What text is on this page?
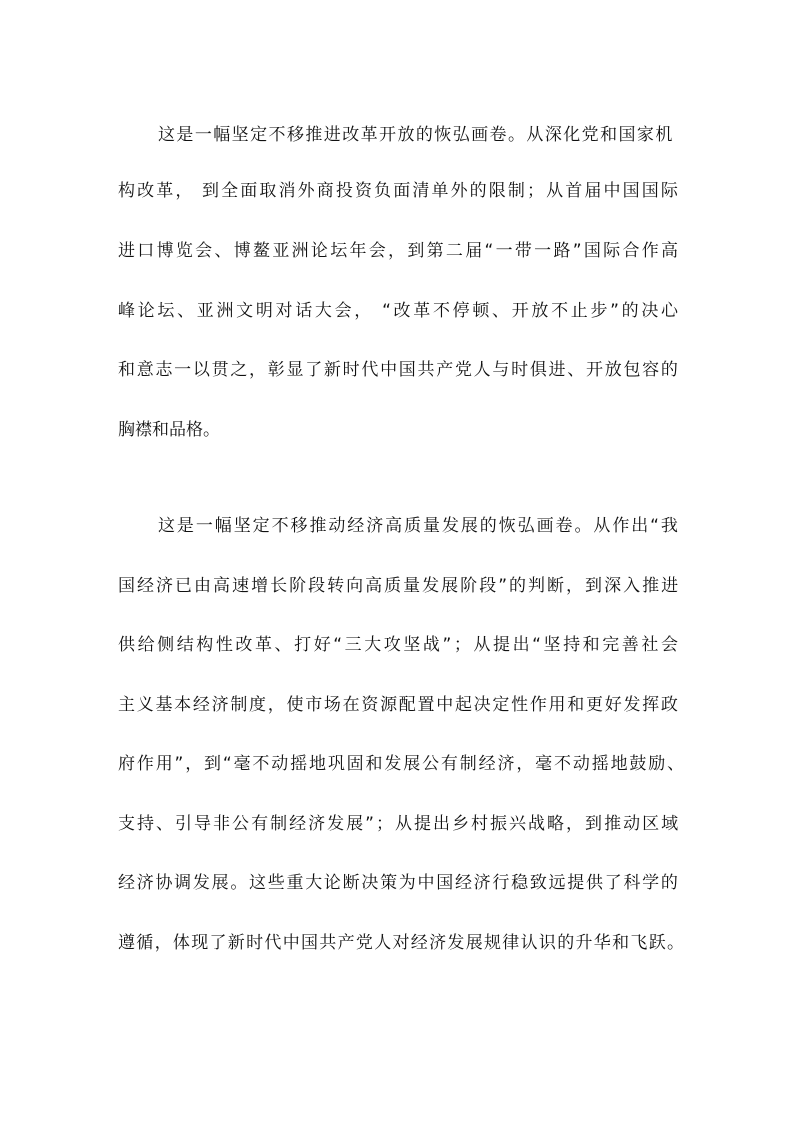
这是一幅坚定不移推进改革开放的恢弘画卷。从深化党和国家机

构改革， 到全面取消外商投资负面清单外的限制；从首届中国国际

进口博览会、博鳌亚洲论坛年会，到第二届“一带一路”国际合作高

峰论坛、亚洲文明对话大会， “改革不停顿、开放不止步”的决心

和意志一以贯之，彰显了新时代中国共产党人与时俱进、开放包容的

胸襟和品格。

这是一幅坚定不移推动经济高质量发展的恢弘画卷。从作出“我

国经济已由高速增长阶段转向高质量发展阶段”的判断，到深入推进

供给侧结构性改革、打好“三大攻坚战”；从提出“坚持和完善社会

主义基本经济制度，使市场在资源配置中起决定性作用和更好发挥政

府作用”，到“毫不动摇地巩固和发展公有制经济，毫不动摇地鼓励、

支持、引导非公有制经济发展”；从提出乡村振兴战略，到推动区域

经济协调发展。这些重大论断决策为中国经济行稳致远提供了科学的

遵循，体现了新时代中国共产党人对经济发展规律认识的升华和飞跃。
